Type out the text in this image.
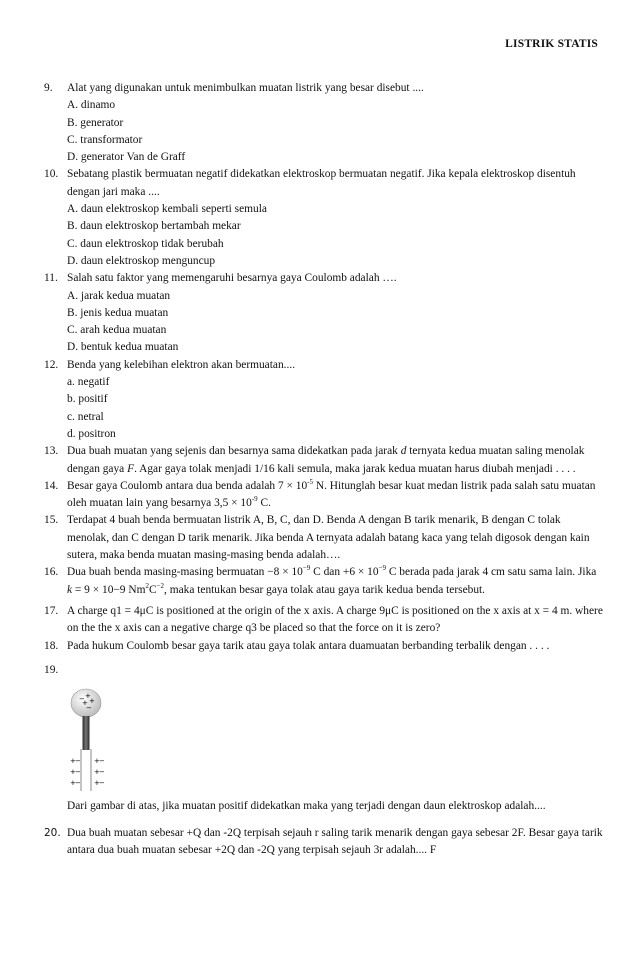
LISTRIK STATIS
9. Alat yang digunakan untuk menimbulkan muatan listrik yang besar disebut ....
A. dinamo
B. generator
C. transformator
D. generator Van de Graff
10. Sebatang plastik bermuatan negatif didekatkan elektroskop bermuatan negatif. Jika kepala elektroskop disentuh dengan jari maka ....
A. daun elektroskop kembali seperti semula
B. daun elektroskop bertambah mekar
C. daun elektroskop tidak berubah
D. daun elektroskop menguncup
11. Salah satu faktor yang memengaruhi besarnya gaya Coulomb adalah ….
A. jarak kedua muatan
B. jenis kedua muatan
C. arah kedua muatan
D. bentuk kedua muatan
12. Benda yang kelebihan elektron akan bermuatan....
a. negatif
b. positif
c. netral
d. positron
13. Dua buah muatan yang sejenis dan besarnya sama didekatkan pada jarak d ternyata kedua muatan saling menolak dengan gaya F. Agar gaya tolak menjadi 1/16 kali semula, maka jarak kedua muatan harus diubah menjadi . . . .
14. Besar gaya Coulomb antara dua benda adalah $7 \times 10^{-5}$ N. Hitunglah besar kuat medan listrik pada salah satu muatan oleh muatan lain yang besarnya $3,5 \times 10^{-9}$ C.
15. Terdapat 4 buah benda bermuatan listrik A, B, C, dan D. Benda A dengan B tarik menarik, B dengan C tolak menolak, dan C dengan D tarik menarik. Jika benda A ternyata adalah batang kaca yang telah digosok dengan kain sutera, maka benda muatan masing-masing benda adalah….
16. Dua buah benda masing-masing bermuatan $-8 \times 10^{-9}$ C dan $+6 \times 10^{-9}$ C berada pada jarak 4 cm satu sama lain. Jika k = 9 × 10−9 $Nm^2C^{-2}$, maka tentukan besar gaya tolak atau gaya tarik kedua benda tersebut.
17. A charge q1 = 4μC is positioned at the origin of the x axis. A charge 9μC is positioned on the x axis at x = 4 m. where on the the x axis can a negative charge q3 be placed so that the force on it is zero?
18. Pada hukum Coulomb besar gaya tarik atau gaya tolak antara duamuatan berbanding terbalik dengan . . . .
19.
− +
+ +
−
+ − + −
+ − + −
+ − + −
Dari gambar di atas, jika muatan positif didekatkan maka yang terjadi dengan daun elektroskop adalah....
20. Dua buah muatan sebesar +Q dan -2Q terpisah sejauh r saling tarik menarik dengan gaya sebesar 2F. Besar gaya tarik antara dua buah muatan sebesar +2Q dan -2Q yang terpisah sejauh 3r adalah.... F
